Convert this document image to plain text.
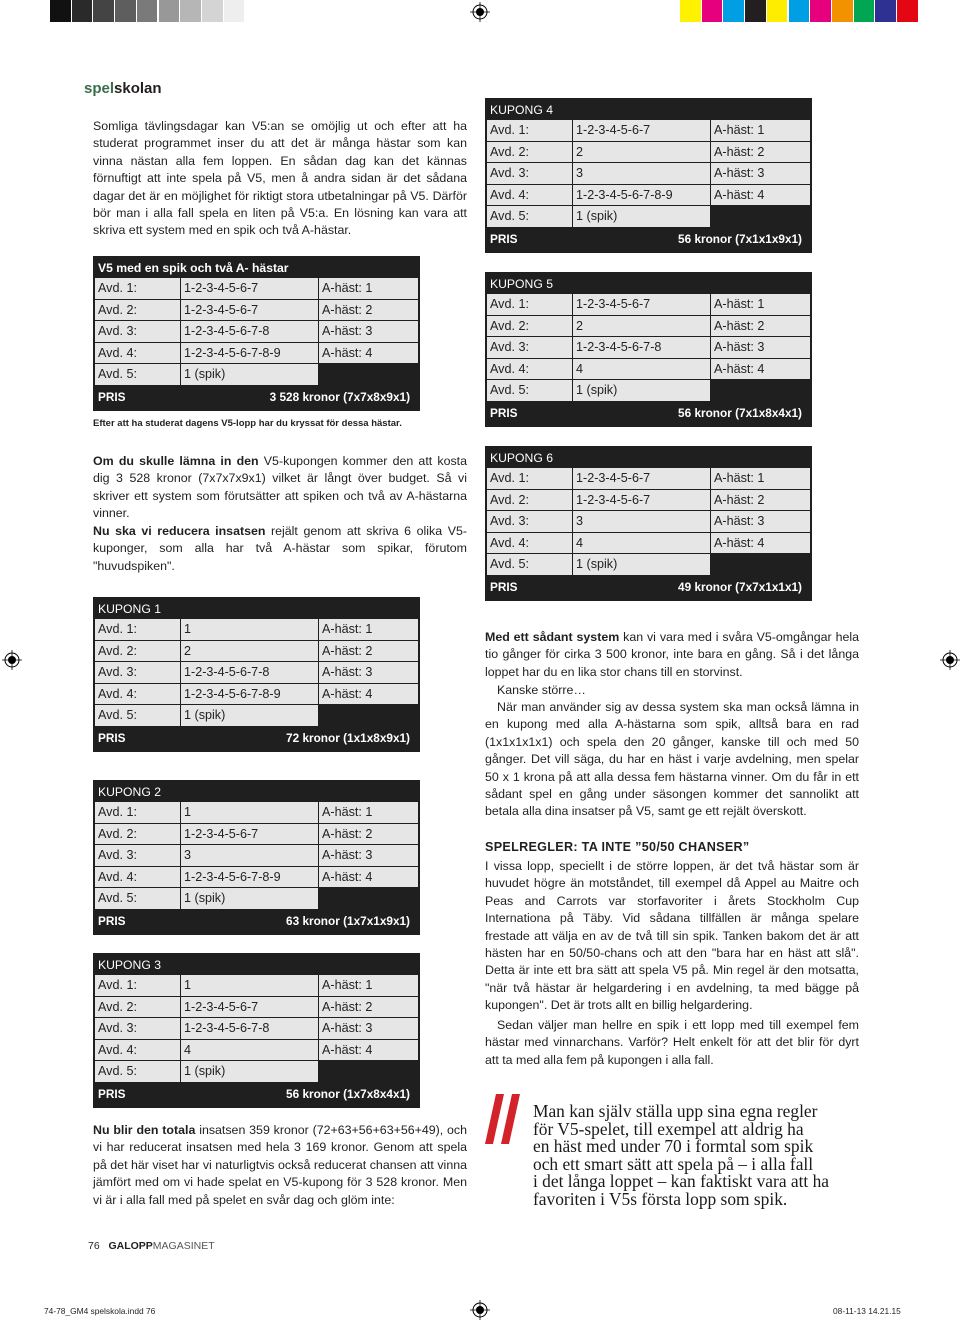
spelskolan
Somliga tävlingsdagar kan V5:an se omöjlig ut och efter att ha studerat programmet inser du att det är många hästar som kan vinna nästan alla fem loppen. En sådan dag kan det kännas förnuftigt att inte spela på V5, men å andra sidan är det sådana dagar det är en möjlighet för riktigt stora utbetalningar på V5. Därför bör man i alla fall spela en liten på V5:a. En lösning kan vara att skriva ett system med en spik och två A-hästar.
V5 med en spik och två A- hästar
Avd. 1:	1-2-3-4-5-6-7	A-häst: 1
Avd. 2:	1-2-3-4-5-6-7	A-häst: 2
Avd. 3:	1-2-3-4-5-6-7-8	A-häst: 3
Avd. 4:	1-2-3-4-5-6-7-8-9	A-häst: 4
Avd. 5:	1 (spik)
PRIS	3 528 kronor (7x7x8x9x1)
Efter att ha studerat dagens V5-lopp har du kryssat för dessa hästar.
Om du skulle lämna in den V5-kupongen kommer den att kosta dig 3 528 kronor (7x7x7x9x1) vilket är långt över budget. Så vi skriver ett system som förutsätter att spiken och två av A-hästarna vinner.
Nu ska vi reducera insatsen rejält genom att skriva 6 olika V5-kuponger, som alla har två A-hästar som spikar, förutom "huvudspiken".
KUPONG 1
Avd. 1:	1	A-häst: 1
Avd. 2:	2	A-häst: 2
Avd. 3:	1-2-3-4-5-6-7-8	A-häst: 3
Avd. 4:	1-2-3-4-5-6-7-8-9	A-häst: 4
Avd. 5:	1 (spik)
PRIS	72 kronor (1x1x8x9x1)
KUPONG 2
Avd. 1:	1	A-häst: 1
Avd. 2:	1-2-3-4-5-6-7	A-häst: 2
Avd. 3:	3	A-häst: 3
Avd. 4:	1-2-3-4-5-6-7-8-9	A-häst: 4
Avd. 5:	1 (spik)
PRIS	63 kronor (1x7x1x9x1)
KUPONG 3
Avd. 1:	1	A-häst: 1
Avd. 2:	1-2-3-4-5-6-7	A-häst: 2
Avd. 3:	1-2-3-4-5-6-7-8	A-häst: 3
Avd. 4:	4	A-häst: 4
Avd. 5:	1 (spik)
PRIS	56 kronor (1x7x8x4x1)
Nu blir den totala insatsen 359 kronor (72+63+56+63+56+49), och vi har reducerat insatsen med hela 3 169 kronor. Genom att spela på det här viset har vi naturligtvis också reducerat chansen att vinna jämfört med om vi hade spelat en V5-kupong för 3 528 kronor. Men vi är i alla fall med på spelet en svår dag och glöm inte:
KUPONG 4
Avd. 1:	1-2-3-4-5-6-7	A-häst: 1
Avd. 2:	2	A-häst: 2
Avd. 3:	3	A-häst: 3
Avd. 4:	1-2-3-4-5-6-7-8-9	A-häst: 4
Avd. 5:	1 (spik)
PRIS	56 kronor (7x1x1x9x1)
KUPONG 5
Avd. 1:	1-2-3-4-5-6-7	A-häst: 1
Avd. 2:	2	A-häst: 2
Avd. 3:	1-2-3-4-5-6-7-8	A-häst: 3
Avd. 4:	4	A-häst: 4
Avd. 5:	1 (spik)
PRIS	56 kronor (7x1x8x4x1)
KUPONG 6
Avd. 1:	1-2-3-4-5-6-7	A-häst: 1
Avd. 2:	1-2-3-4-5-6-7	A-häst: 2
Avd. 3:	3	A-häst: 3
Avd. 4:	4	A-häst: 4
Avd. 5:	1 (spik)
PRIS	49 kronor (7x7x1x1x1)
Med ett sådant system kan vi vara med i svåra V5-omgångar hela tio gånger för cirka 3 500 kronor, inte bara en gång. Så i det långa loppet har du en lika stor chans till en storvinst.
Kanske större…
När man använder sig av dessa system ska man också lämna in en kupong med alla A-hästarna som spik, alltså bara en rad (1x1x1x1x1) och spela den 20 gånger, kanske till och med 50 gånger. Det vill säga, du har en häst i varje avdelning, men spelar 50 x 1 krona på att alla dessa fem hästarna vinner. Om du får in ett sådant spel en gång under säsongen kommer det sannolikt att betala alla dina insatser på V5, samt ge ett rejält överskott.
SPELREGLER: TA INTE ”50/50 CHANSER”
I vissa lopp, speciellt i de större loppen, är det två hästar som är huvudet högre än motståndet, till exempel då Appel au Maitre och Peas and Carrots var storfavoriter i årets Stockholm Cup Internationa på Täby. Vid sådana tillfällen är många spelare frestade att välja en av de två till sin spik. Tanken bakom det är att hästen har en 50/50-chans och att den "bara har en häst att slå". Detta är inte ett bra sätt att spela V5 på. Min regel är den motsatta, "när två hästar är helgardering i en avdelning, ta med bägge på kupongen". Det är trots allt en billig helgardering.
Sedan väljer man hellre en spik i ett lopp med till exempel fem hästar med vinnarchans. Varför? Helt enkelt för att det blir för dyrt att ta med alla fem på kupongen i alla fall.
Man kan själv ställa upp sina egna regler
för V5-spelet, till exempel att aldrig ha
en häst med under 70 i formtal som spik
och ett smart sätt att spela på – i alla fall
i det långa loppet – kan faktiskt vara att ha
favoriten i V5s första lopp som spik.
76 GALOPPMAGASINET
74-78_GM4 spelskola.indd 76	08-11-13 14.21.15
